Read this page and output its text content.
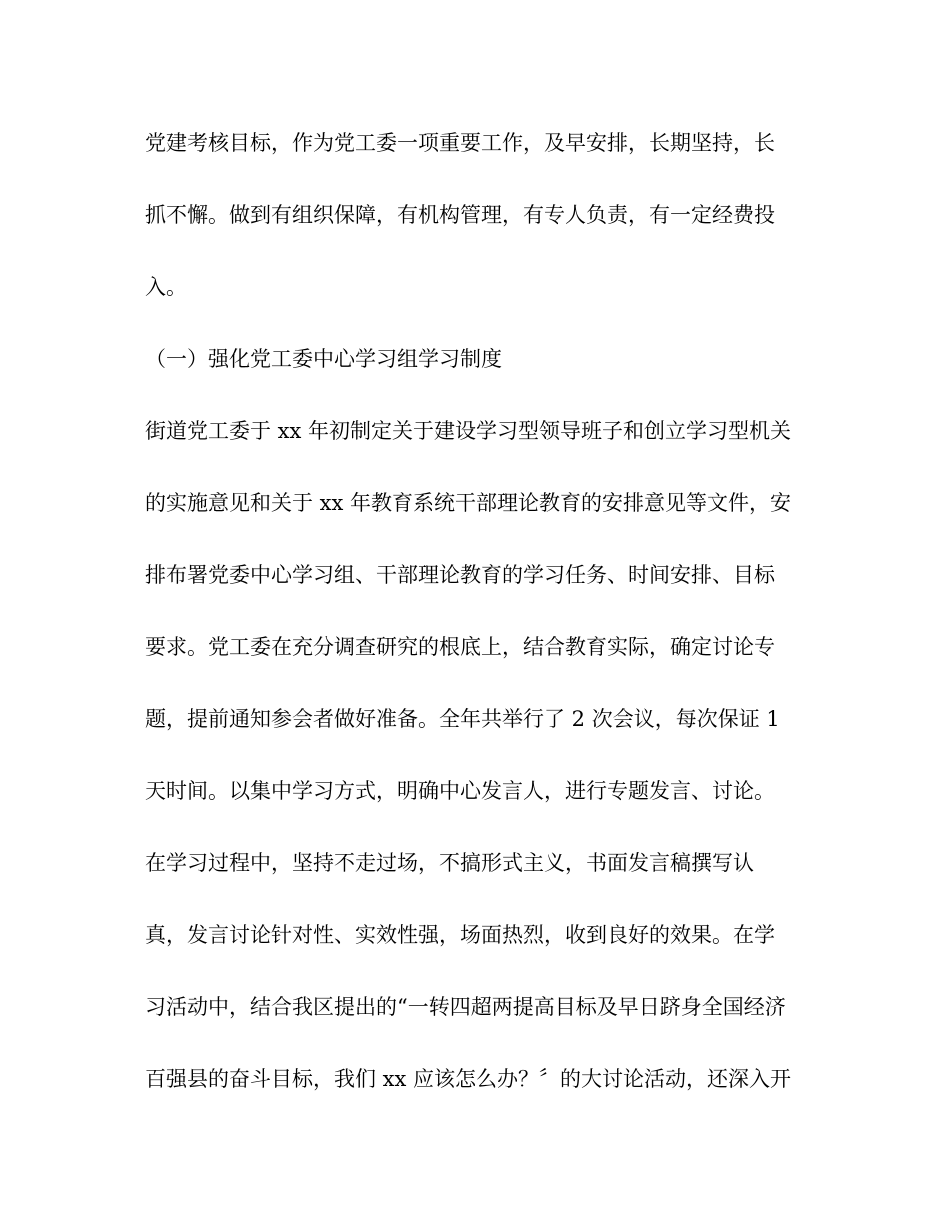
党建考核目标，作为党工委一项重要工作，及早安排，长期坚持，长
抓不懈。做到有组织保障，有机构管理，有专人负责，有一定经费投
入。
（一）强化党工委中心学习组学习制度
街道党工委于 xx 年初制定关于建设学习型领导班子和创立学习型机关
的实施意见和关于 xx 年教育系统干部理论教育的安排意见等文件，安
排布署党委中心学习组、干部理论教育的学习任务、时间安排、目标
要求。党工委在充分调查研究的根底上，结合教育实际，确定讨论专
题，提前通知参会者做好准备。全年共举行了 2 次会议，每次保证 1
天时间。以集中学习方式，明确中心发言人，进行专题发言、讨论。
在学习过程中，坚持不走过场，不搞形式主义，书面发言稿撰写认
真，发言讨论针对性、实效性强，场面热烈，收到良好的效果。在学
习活动中，结合我区提出的“一转四超两提高目标及早日跻身全国经济
百强县的奋斗目标，我们 xx 应该怎么办？〞的大讨论活动，还深入开
